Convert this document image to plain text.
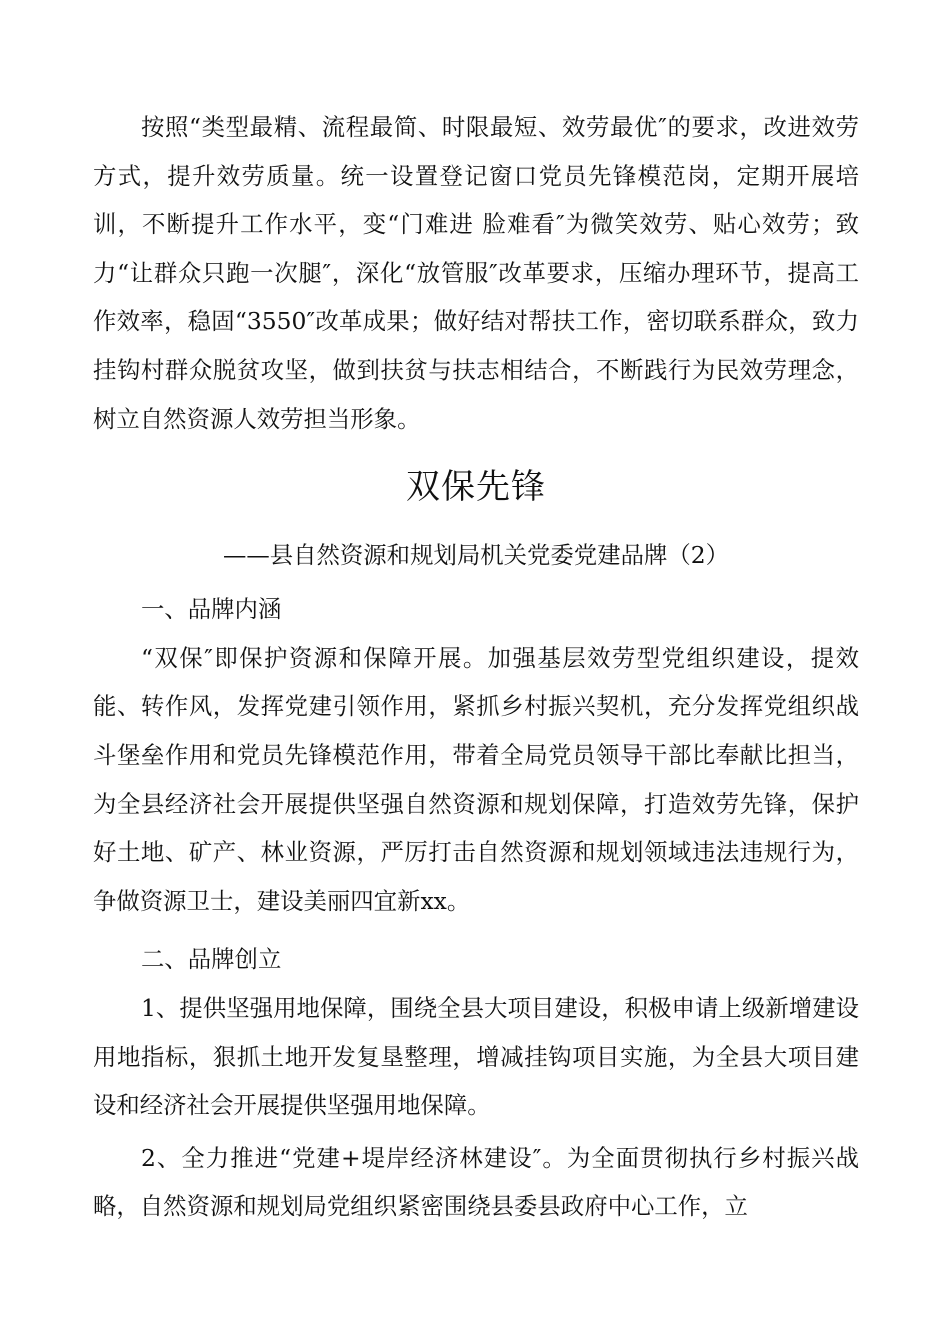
按照“类型最精、流程最简、时限最短、效劳最优″的要求，改进效劳方式，提升效劳质量。统一设置登记窗口党员先锋模范岗，定期开展培训，不断提升工作水平，变“门难进 脸难看″为微笑效劳、贴心效劳；致力“让群众只跑一次腿″，深化“放管服″改革要求，压缩办理环节，提高工作效率，稳固“3550″改革成果；做好结对帮扶工作，密切联系群众，致力挂钩村群众脱贫攻坚，做到扶贫与扶志相结合，不断践行为民效劳理念，树立自然资源人效劳担当形象。

双保先锋

——县自然资源和规划局机关党委党建品牌（2）

一、品牌内涵

“双保″即保护资源和保障开展。加强基层效劳型党组织建设，提效能、转作风，发挥党建引领作用，紧抓乡村振兴契机，充分发挥党组织战斗堡垒作用和党员先锋模范作用，带着全局党员领导干部比奉献比担当，为全县经济社会开展提供坚强自然资源和规划保障，打造效劳先锋，保护好土地、矿产、林业资源，严厉打击自然资源和规划领域违法违规行为，争做资源卫士，建设美丽四宜新xx。

二、品牌创立

1、提供坚强用地保障，围绕全县大项目建设，积极申请上级新增建设用地指标，狠抓土地开发复垦整理，增减挂钩项目实施，为全县大项目建设和经济社会开展提供坚强用地保障。

2、全力推进“党建+堤岸经济林建设″。为全面贯彻执行乡村振兴战略，自然资源和规划局党组织紧密围绕县委县政府中心工作，立
